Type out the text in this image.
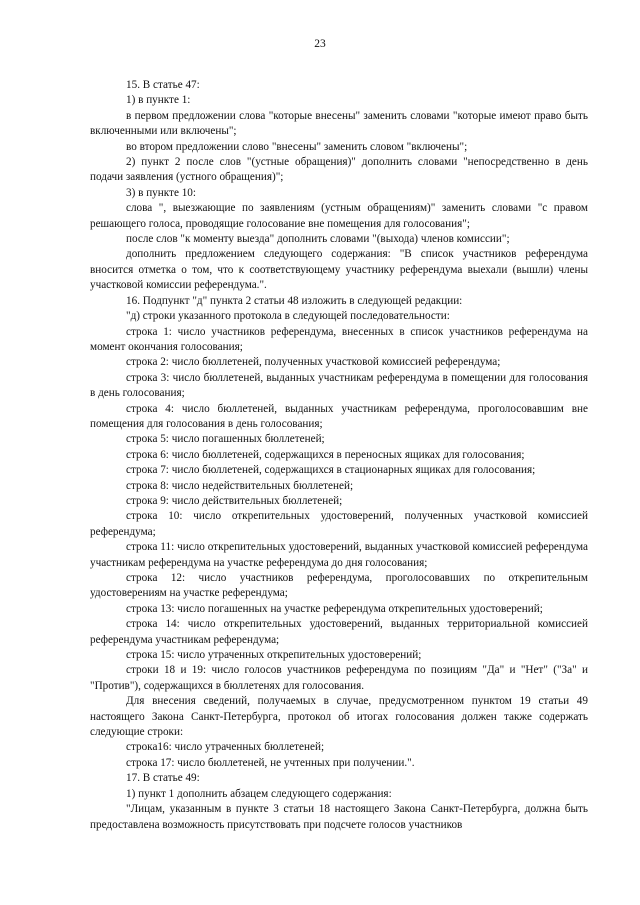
23

15. В статье 47:

1) в пункте 1:

в первом предложении слова "которые внесены" заменить словами "которые имеют право быть включенными или включены";

во втором предложении слово "внесены" заменить словом "включены";

2) пункт 2 после слов "(устные обращения)" дополнить словами "непосредственно в день подачи заявления (устного обращения)";

3) в пункте 10:

слова ", выезжающие по заявлениям (устным обращениям)" заменить словами "с правом решающего голоса, проводящие голосование вне помещения для голосования";

после слов "к моменту выезда" дополнить словами "(выхода) членов комиссии";

дополнить предложением следующего содержания: "В список участников референдума вносится отметка о том, что к соответствующему участнику референдума выехали (вышли) члены участковой комиссии референдума.".

16. Подпункт "д" пункта 2 статьи 48 изложить в следующей редакции:

"д) строки указанного протокола в следующей последовательности:

строка 1: число участников референдума, внесенных в список участников референдума на момент окончания голосования;

строка 2: число бюллетеней, полученных участковой комиссией референдума;

строка 3: число бюллетеней, выданных участникам референдума в помещении для голосования в день голосования;

строка 4: число бюллетеней, выданных участникам референдума, проголосовавшим вне помещения для голосования в день голосования;

строка 5: число погашенных бюллетеней;

строка 6: число бюллетеней, содержащихся в переносных ящиках для голосования;

строка 7: число бюллетеней, содержащихся в стационарных ящиках для голосования;

строка 8: число недействительных бюллетеней;

строка 9: число действительных бюллетеней;

строка 10: число открепительных удостоверений, полученных участковой комиссией референдума;

строка 11: число открепительных удостоверений, выданных участковой комиссией референдума участникам референдума на участке референдума до дня голосования;

строка 12: число участников референдума, проголосовавших по открепительным удостоверениям на участке референдума;

строка 13: число погашенных на участке референдума открепительных удостоверений;

строка 14: число открепительных удостоверений, выданных территориальной комиссией референдума участникам референдума;

строка 15: число утраченных открепительных удостоверений;

строки 18 и 19: число голосов участников референдума по позициям "Да" и "Нет" ("За" и "Против"), содержащихся в бюллетенях для голосования.

Для внесения сведений, получаемых в случае, предусмотренном пунктом 19 статьи 49 настоящего Закона Санкт-Петербурга, протокол об итогах голосования должен также содержать следующие строки:

строка16: число утраченных бюллетеней;

строка 17: число бюллетеней, не учтенных при получении.".

17. В статье 49:

1) пункт 1 дополнить абзацем следующего содержания:

"Лицам, указанным в пункте 3 статьи 18 настоящего Закона Санкт-Петербурга, должна быть предоставлена возможность присутствовать при подсчете голосов участников
